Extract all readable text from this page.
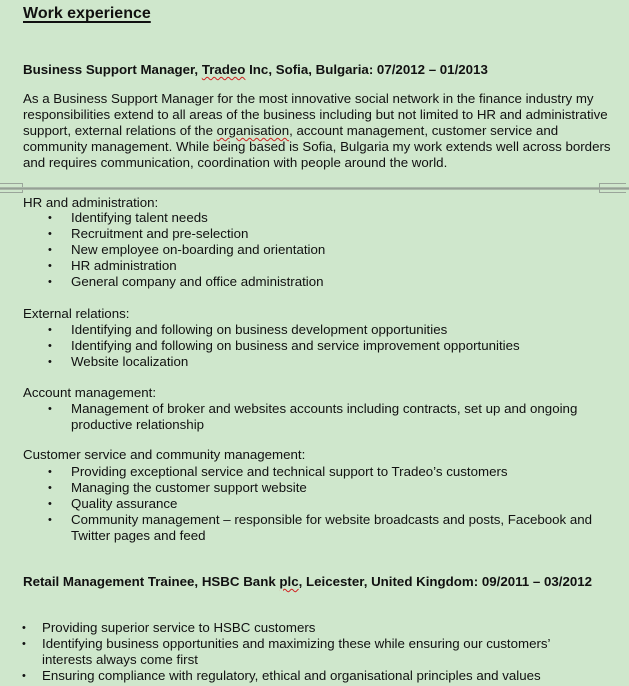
Work experience
Business Support Manager, Tradeo Inc, Sofia, Bulgaria: 07/2012 – 01/2013
As a Business Support Manager for the most innovative social network in the finance industry my responsibilities extend to all areas of the business including but not limited to HR and administrative support, external relations of the organisation, account management, customer service and community management. While being based is Sofia, Bulgaria my work extends well across borders and requires communication, coordination with people around the world.
HR and administration:
• Identifying talent needs
• Recruitment and pre-selection
• New employee on-boarding and orientation
• HR administration
• General company and office administration
External relations:
• Identifying and following on business development opportunities
• Identifying and following on business and service improvement opportunities
• Website localization
Account management:
• Management of broker and websites accounts including contracts, set up and ongoing productive relationship
Customer service and community management:
• Providing exceptional service and technical support to Tradeo’s customers
• Managing the customer support website
• Quality assurance
• Community management – responsible for website broadcasts and posts, Facebook and Twitter pages and feed
Retail Management Trainee, HSBC Bank plc, Leicester, United Kingdom: 09/2011 – 03/2012
• Providing superior service to HSBC customers
• Identifying business opportunities and maximizing these while ensuring our customers’ interests always come first
• Ensuring compliance with regulatory, ethical and organisational principles and values
